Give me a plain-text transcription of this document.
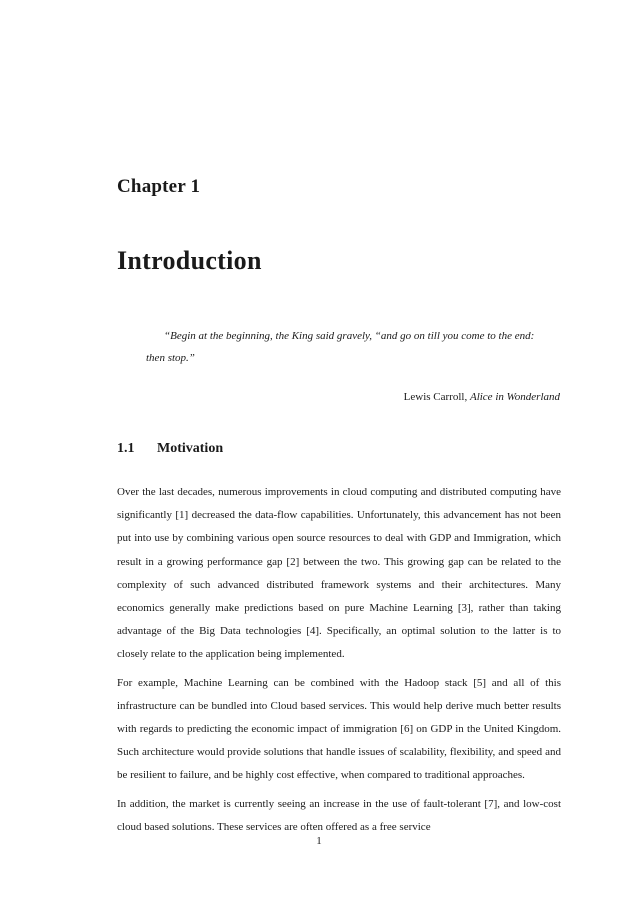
Chapter 1
Introduction
“Begin at the beginning, the King said gravely, “and go on till you come to the end: then stop.”
Lewis Carroll, Alice in Wonderland
1.1 Motivation

Over the last decades, numerous improvements in cloud computing and distributed computing have significantly [1] decreased the data-flow capabilities. Unfortunately, this advancement has not been put into use by combining various open source resources to deal with GDP and Immigration, which result in a growing performance gap [2] between the two. This growing gap can be related to the complexity of such advanced distributed framework systems and their architectures. Many economics generally make predictions based on pure Machine Learning [3], rather than taking advantage of the Big Data technologies [4]. Specifically, an optimal solution to the latter is to closely relate to the application being implemented.

For example, Machine Learning can be combined with the Hadoop stack [5] and all of this infrastructure can be bundled into Cloud based services. This would help derive much better results with regards to predicting the economic impact of immigration [6] on GDP in the United Kingdom. Such architecture would provide solutions that handle issues of scalability, flexibility, and speed and be resilient to failure, and be highly cost effective, when compared to traditional approaches.

In addition, the market is currently seeing an increase in the use of fault-tolerant [7], and low-cost cloud based solutions. These services are often offered as a free service

1
